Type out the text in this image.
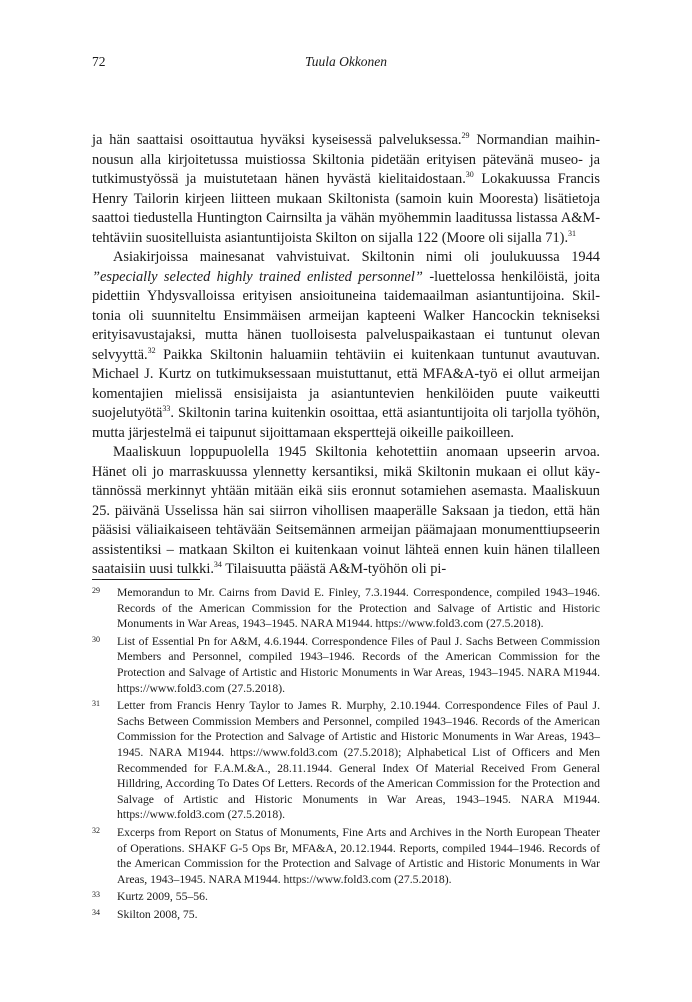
72	Tuula Okkonen

ja hän saattaisi osoittautua hyväksi kyseisessä palveluksessa.$^{29}$ Normandian maihinnousun alla kirjoitetussa muistiossa Skiltonia pidetään erityisen pätevänä museo- ja tutkimustyössä ja muistutetaan hänen hyvästä kielitaidostaan.$^{30}$ Lokakuussa Francis Henry Tailorin kirjeen liitteen mukaan Skiltonista (samoin kuin Mooresta) lisätietoja saattoi tiedustella Huntington Cairnsilta ja vähän myöhemmin laaditussa listassa A&M-tehtäviin suositelluista asiantuntijoista Skilton on sijalla 122 (Moore oli sijalla 71).$^{31}$

Asiakirjoissa mainesanat vahvistuivat. Skiltonin nimi oli joulukuussa 1944 ”especially selected highly trained enlisted personnel” -luettelossa henkilöistä, joita pidettiin Yhdysvalloissa erityisen ansioituneina taidemaailman asiantuntijoina. Skiltonia oli suunniteltu Ensimmäisen armeijan kapteeni Walker Hancockin tekniseksi erityisavustajaksi, mutta hänen tuolloisesta palveluspaikastaan ei tuntunut olevan selvyyttä.$^{32}$ Paikka Skiltonin haluamiin tehtäviin ei kuitenkaan tuntunut avautuvan. Michael J. Kurtz on tutkimuksessaan muistuttanut, että MFA&A-työ ei ollut armeijan komentajien mielissä ensisijaista ja asiantuntevien henkilöiden puute vaikeutti suojelutyötä$^{33}$. Skiltonin tarina kuitenkin osoittaa, että asiantuntijoita oli tarjolla työhön, mutta järjestelmä ei taipunut sijoittamaan eksperttejä oikeille paikoilleen.

Maaliskuun loppupuolella 1945 Skiltonia kehotettiin anomaan upseerin arvoa. Hänet oli jo marraskuussa ylennetty kersantiksi, mikä Skiltonin mukaan ei ollut käytännössä merkinnyt yhtään mitään eikä siis eronnut sotamiehen asemasta. Maaliskuun 25. päivänä Usselissa hän sai siirron vihollisen maaperälle Saksaan ja tiedon, että hän pääsisi väliaikaiseen tehtävään Seitsemännen armeijan päämajaan monumenttiupseerin assistentiksi – matkaan Skilton ei kuitenkaan voinut lähteä ennen kuin hänen tilalleen saataisiin uusi tulkki.$^{34}$ Tilaisuutta päästä A&M-työhön oli pi-

29	Memorandun to Mr. Cairns from David E. Finley, 7.3.1944. Correspondence, compiled 1943–1946. Records of the American Commission for the Protection and Salvage of Artistic and Historic Monuments in War Areas, 1943–1945. NARA M1944. https://www.fold3.com (27.5.2018).
30	List of Essential Pn for A&M, 4.6.1944. Correspondence Files of Paul J. Sachs Between Commission Members and Personnel, compiled 1943–1946. Records of the American Commission for the Protection and Salvage of Artistic and Historic Monuments in War Areas, 1943–1945. NARA M1944. https://www.fold3.com (27.5.2018).
31	Letter from Francis Henry Taylor to James R. Murphy, 2.10.1944. Correspondence Files of Paul J. Sachs Between Commission Members and Personnel, compiled 1943–1946. Records of the American Commission for the Protection and Salvage of Artistic and Historic Monuments in War Areas, 1943–1945. NARA M1944. https://www.fold3.com (27.5.2018); Alphabetical List of Officers and Men Recommended for F.A.M.&A., 28.11.1944. General Index Of Material Received From General Hilldring, According To Dates Of Letters. Records of the American Commission for the Protection and Salvage of Artistic and Historic Monuments in War Areas, 1943–1945. NARA M1944. https://www.fold3.com (27.5.2018).
32	Excerps from Report on Status of Monuments, Fine Arts and Archives in the North European Theater of Operations. SHAKF G-5 Ops Br, MFA&A, 20.12.1944. Reports, compiled 1944–1946. Records of the American Commission for the Protection and Salvage of Artistic and Historic Monuments in War Areas, 1943–1945. NARA M1944. https://www.fold3.com (27.5.2018).
33	Kurtz 2009, 55–56.
34	Skilton 2008, 75.
